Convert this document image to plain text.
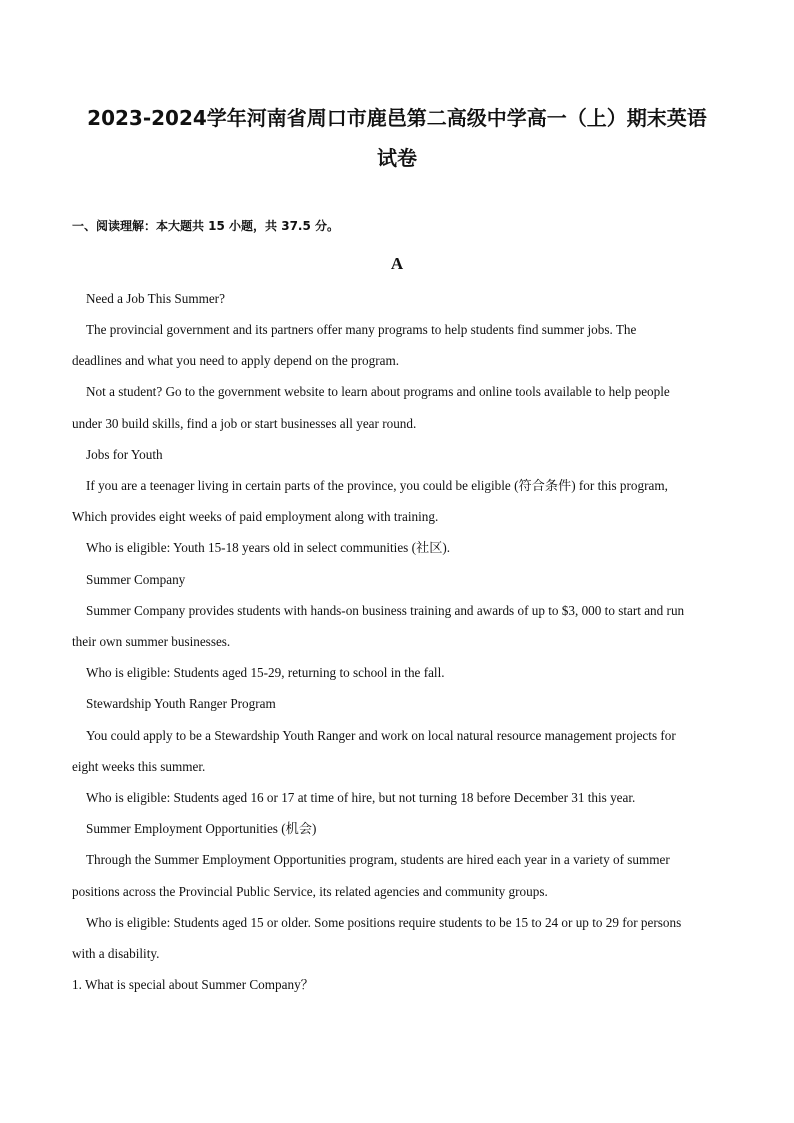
2023-2024学年河南省周口市鹿邑第二高级中学高一（上）期末英语
试卷
一、阅读理解：本大题共 15 小题，共 37.5 分。
A
Need a Job This Summer?
The provincial government and its partners offer many programs to help students find summer jobs. The
deadlines and what you need to apply depend on the program.
Not a student? Go to the government website to learn about programs and online tools available to help people
under 30 build skills, find a job or start businesses all year round.
Jobs for Youth
If you are a teenager living in certain parts of the province, you could be eligible (符合条件) for this program,
Which provides eight weeks of paid employment along with training.
Who is eligible: Youth 15-18 years old in select communities (社区).
Summer Company
Summer Company provides students with hands-on business training and awards of up to $3, 000 to start and run
their own summer businesses.
Who is eligible: Students aged 15-29, returning to school in the fall.
Stewardship Youth Ranger Program
You could apply to be a Stewardship Youth Ranger and work on local natural resource management projects for
eight weeks this summer.
Who is eligible: Students aged 16 or 17 at time of hire, but not turning 18 before December 31 this year.
Summer Employment Opportunities (机会)
Through the Summer Employment Opportunities program, students are hired each year in a variety of summer
positions across the Provincial Public Service, its related agencies and community groups.
Who is eligible: Students aged 15 or older. Some positions require students to be 15 to 24 or up to 29 for persons
with a disability.
1. What is special about Summer Company？
